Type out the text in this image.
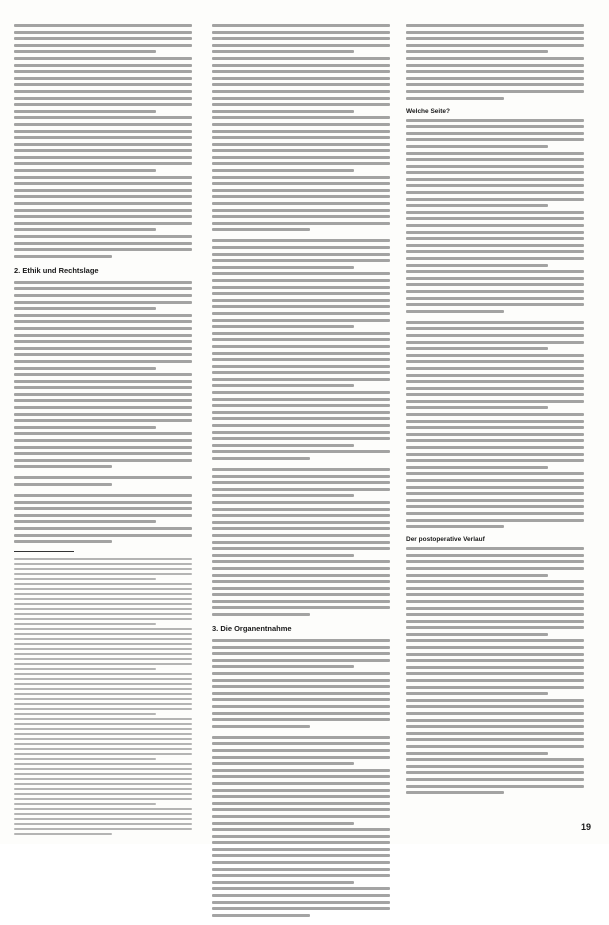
2. Ethik und Rechtslage
3. Die Organentnahme
Welche Seite?
Der postoperative Verlauf
19
